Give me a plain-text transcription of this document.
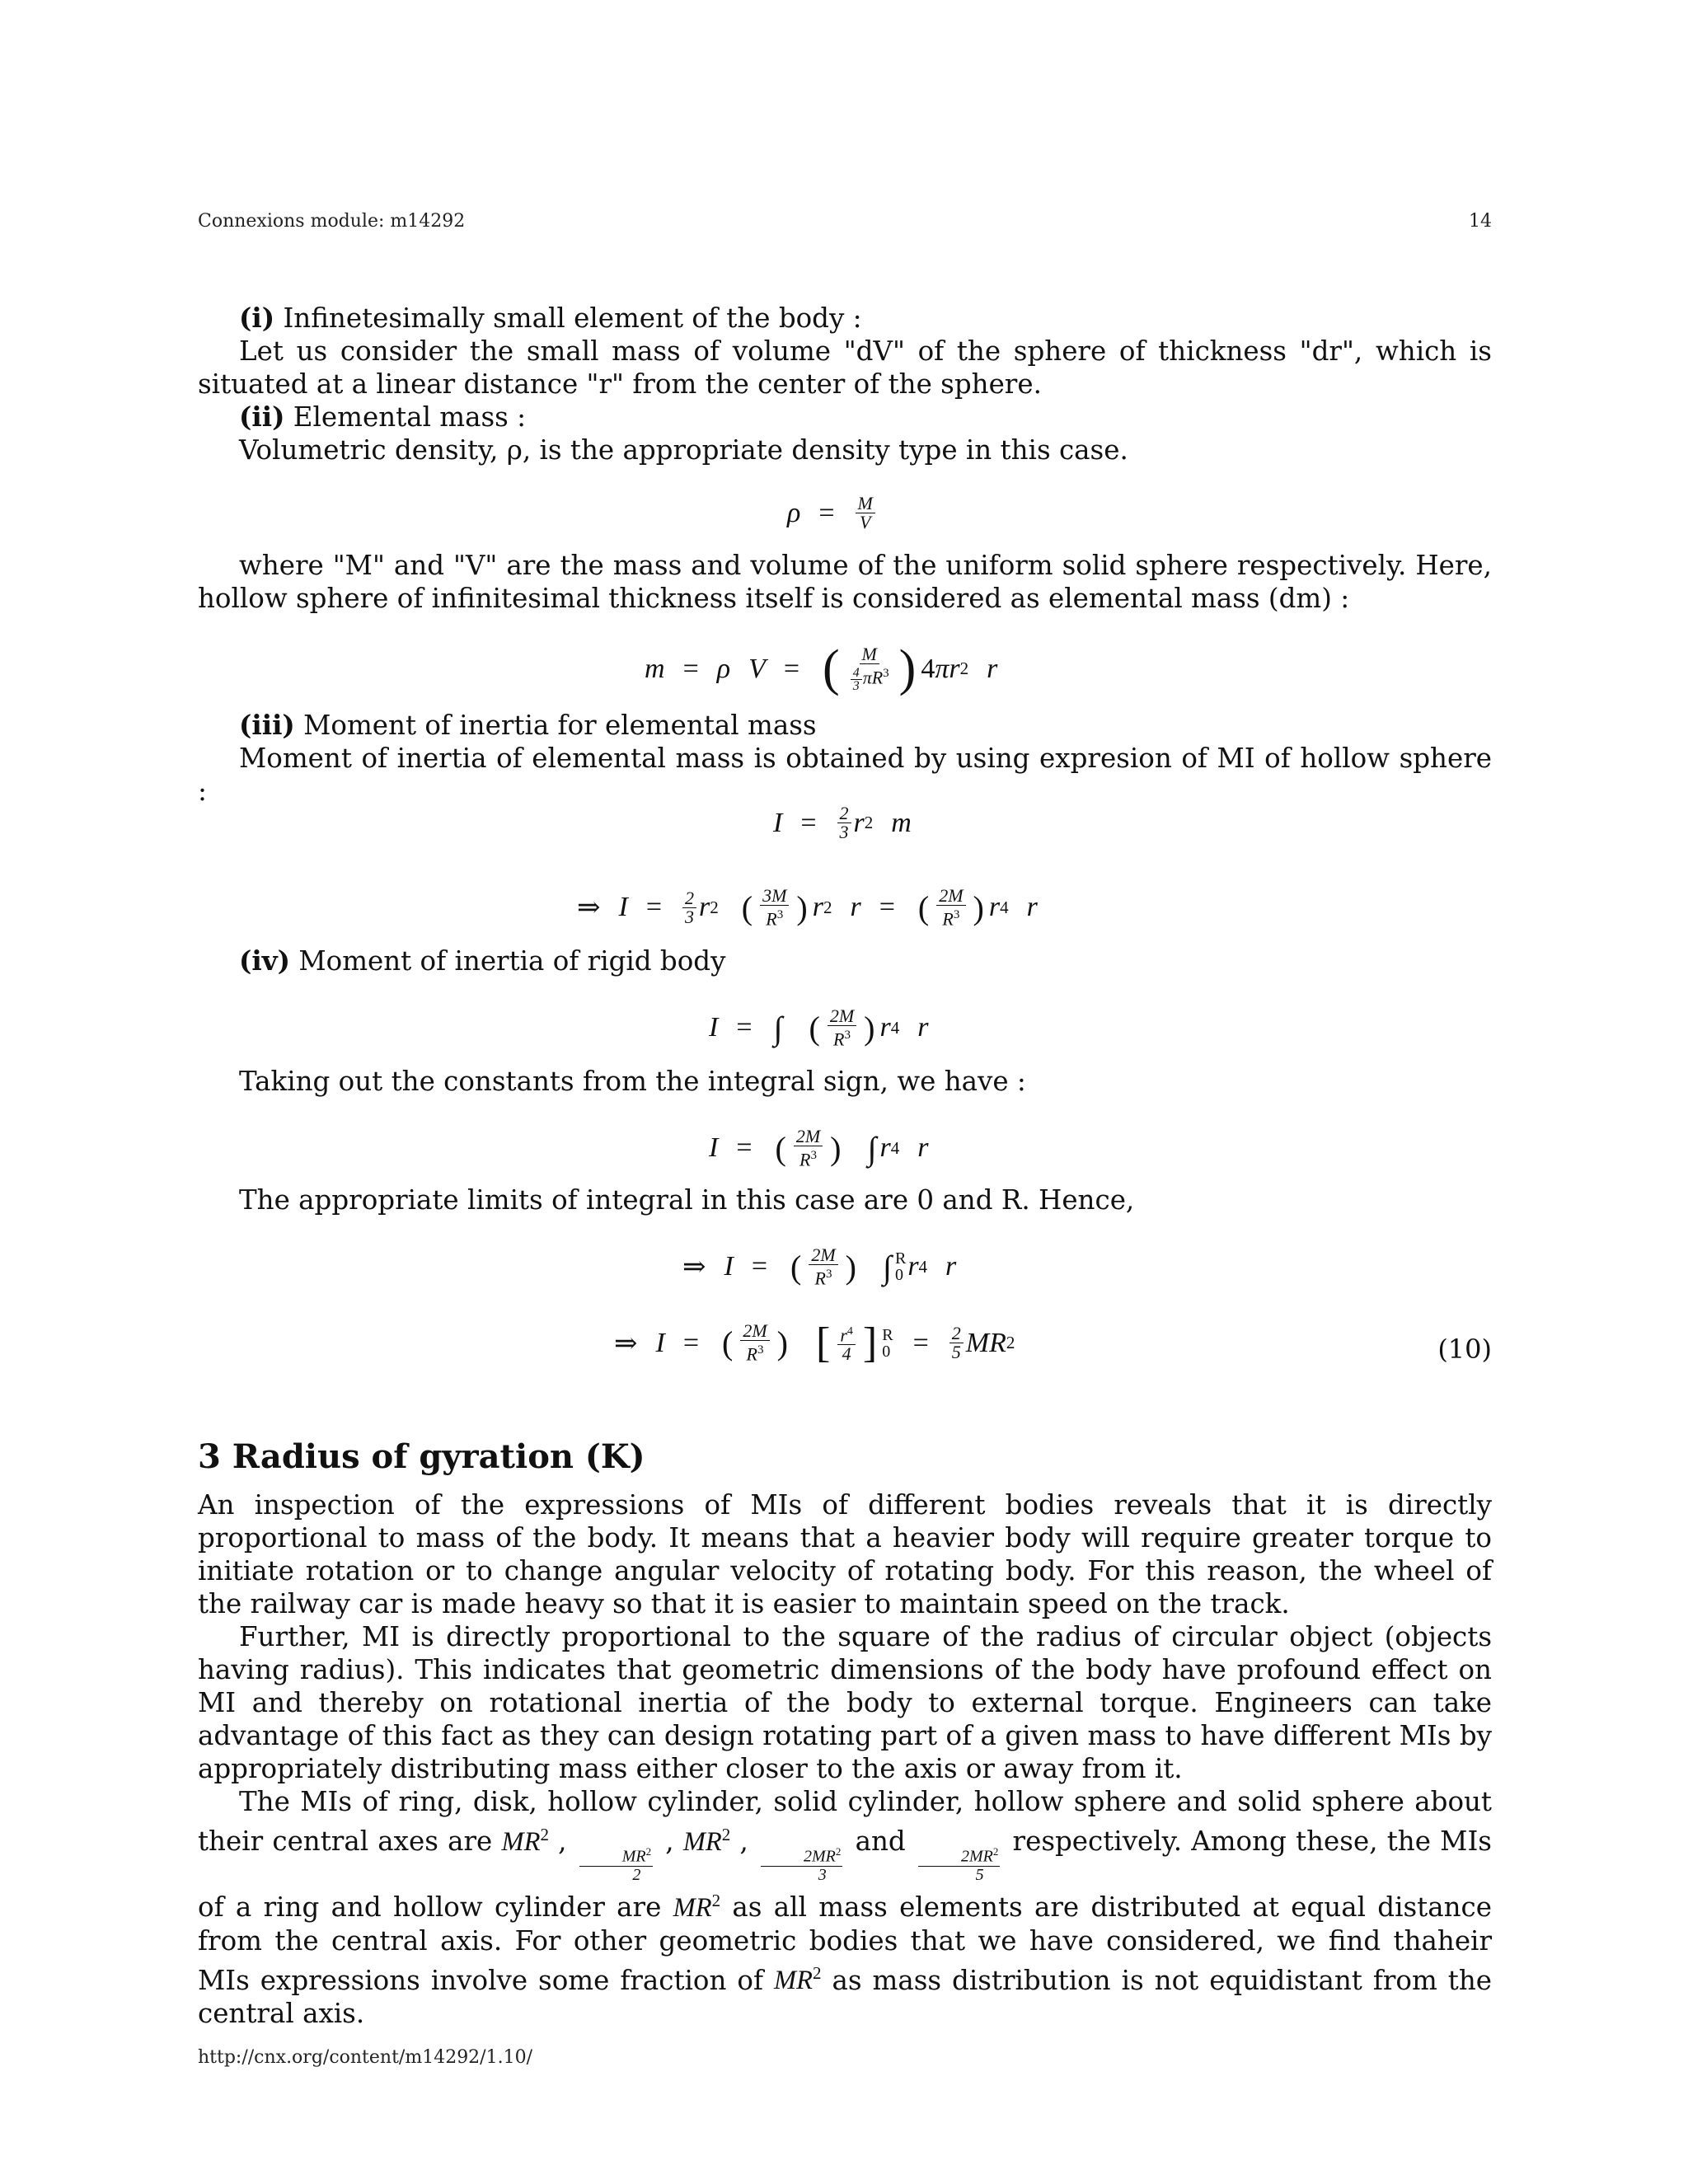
Connexions module: m14292	14

(i) Infinetesimally small element of the body :

Let us consider the small mass of volume "dV" of the sphere of thickness "dr", which is situated at a linear distance "r" from the center of the sphere.

(ii) Elemental mass :

Volumetric density, ρ, is the appropriate density type in this case.

$\rho = \frac{M}{V}$

where "M" and "V" are the mass and volume of the uniform solid sphere respectively. Here, hollow sphere of infinitesimal thickness itself is considered as elemental mass (dm) :

m = ρ V = ( $\frac{M}{\frac{4}{3} \pi R^3}$ ) 4 πr 2 r

(iii) Moment of inertia for elemental mass

Moment of inertia of elemental mass is obtained by using expresion of MI of hollow sphere :

$I = \frac{2}{3}$ r 2 m
⇒ $I = \frac{2}{3}$ r 2 ( $\frac{3M}{R^3}$ ) r 2 r = ( $\frac{2M}{R^3}$ ) r 4 r

(iv) Moment of inertia of rigid body

I = ∫ ( $\frac{2M}{R^3}$ ) r 4 r

Taking out the constants from the integral sign, we have :

I = ( $\frac{2M}{R^3}$ ) ∫ r 4 r

The appropriate limits of integral in this case are 0 and R. Hence,

⇒ I = ( $\frac{2M}{R^3}$ ) ∫ R
0 r 4 r
⇒ I = ( $\frac{2M}{R^3}$ ) [ $\frac{r^4}{4}$ ] R
$0 = \frac{2}{5}$ MR 2	(10)
3 Radius of gyration (K)

An inspection of the expressions of MIs of different bodies reveals that it is directly proportional to mass of the body. It means that a heavier body will require greater torque to initiate rotation or to change angular velocity of rotating body. For this reason, the wheel of the railway car is made heavy so that it is easier to maintain speed on the track.

Further, MI is directly proportional to the square of the radius of circular object (objects having radius). This indicates that geometric dimensions of the body have profound effect on MI and thereby on rotational inertia of the body to external torque. Engineers can take advantage of this fact as they can design rotating part of a given mass to have different MIs by appropriately distributing mass either closer to the axis or away from it.

The MIs of ring, disk, hollow cylinder, solid cylinder, hollow sphere and solid sphere about their central axes are $MR^2$ ,
$\frac{MR^2}{2}$
, $MR^2$ ,
$\frac{2MR^2}{3}$
and
$\frac{2MR^2}{5}$
respectively. Among these, the MIs of a ring and hollow cylinder are $MR^2$ as all mass elements are distributed at equal distance from the central axis. For other geometric bodies that we have considered, we find thaheir MIs expressions involve some fraction of $MR^2$ as mass distribution is not equidistant from the central axis.

http://cnx.org/content/m14292/1.10/
